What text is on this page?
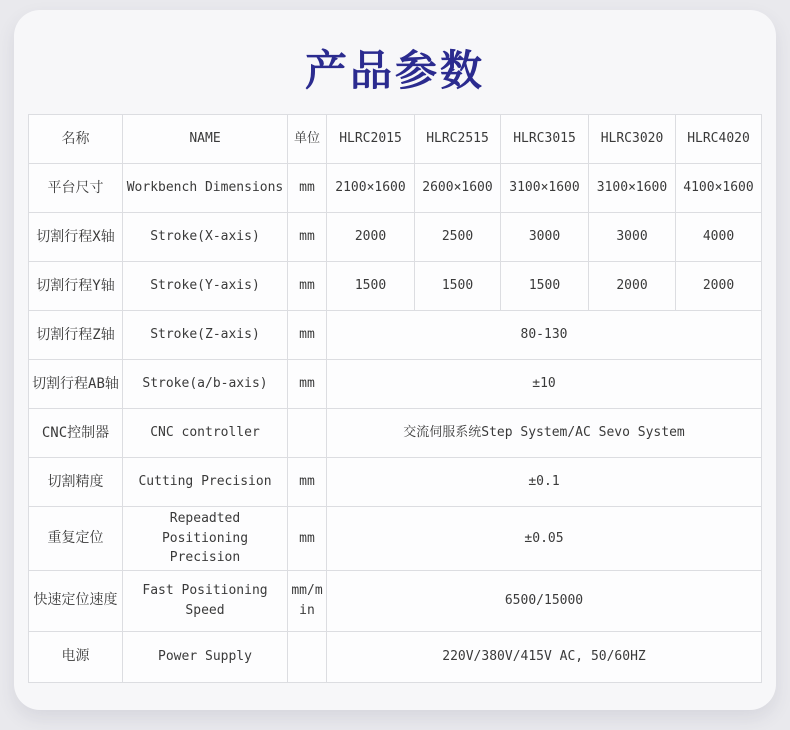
产品参数
名称	NAME	单位	HLRC2015	HLRC2515	HLRC3015	HLRC3020	HLRC4020
平台尺寸	Workbench Dimensions	mm	2100×1600	2600×1600	3100×1600	3100×1600	4100×1600
切割行程X轴	Stroke(X-axis)	mm	2000	2500	3000	3000	4000
切割行程Y轴	Stroke(Y-axis)	mm	1500	1500	1500	2000	2000
切割行程Z轴	Stroke(Z-axis)	mm	80-130				
切割行程AB轴	Stroke(a/b-axis)	mm	±10				
CNC控制器	CNC controller		交流伺服系统Step System/AC Sevo System				
切割精度	Cutting Precision	mm	±0.1				
重复定位	Repeadted Positioning Precision	mm	±0.05				
快速定位速度	Fast Positioning Speed	mm/min	6500/15000				
电源	Power Supply		220V/380V/415V AC, 50/60HZ				
